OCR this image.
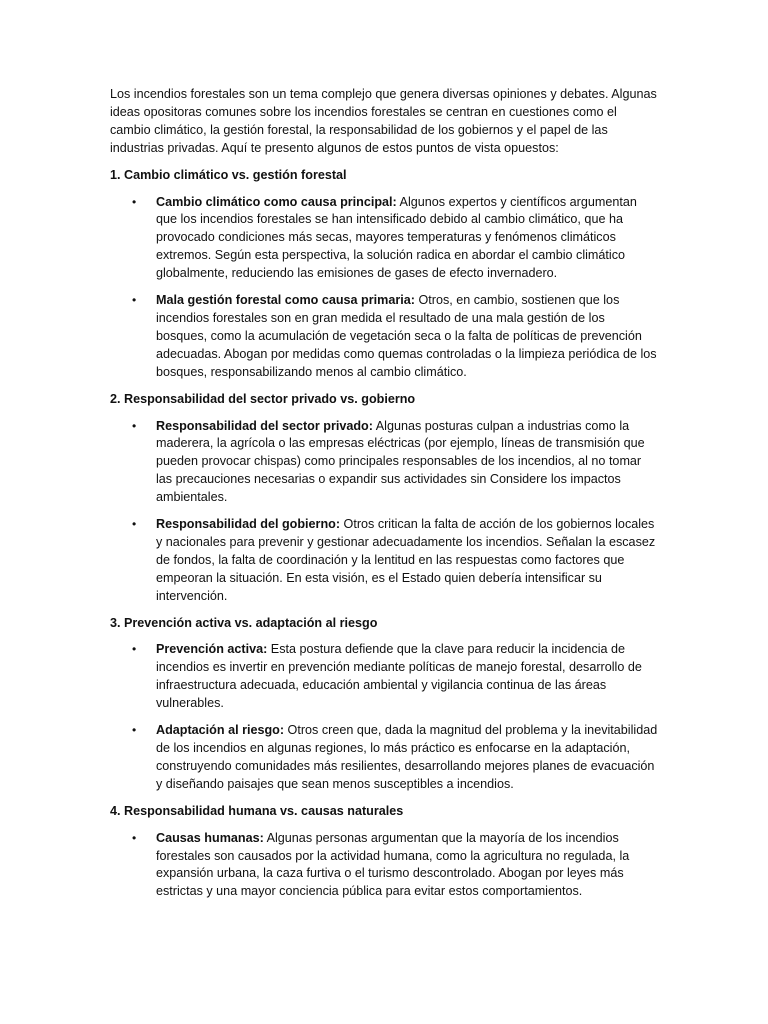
Los incendios forestales son un tema complejo que genera diversas opiniones y debates. Algunas ideas opositoras comunes sobre los incendios forestales se centran en cuestiones como el cambio climático, la gestión forestal, la responsabilidad de los gobiernos y el papel de las industrias privadas. Aquí te presento algunos de estos puntos de vista opuestos:

1. Cambio climático vs. gestión forestal

• Cambio climático como causa principal: Algunos expertos y científicos argumentan que los incendios forestales se han intensificado debido al cambio climático, que ha provocado condiciones más secas, mayores temperaturas y fenómenos climáticos extremos. Según esta perspectiva, la solución radica en abordar el cambio climático globalmente, reduciendo las emisiones de gases de efecto invernadero.
• Mala gestión forestal como causa primaria: Otros, en cambio, sostienen que los incendios forestales son en gran medida el resultado de una mala gestión de los bosques, como la acumulación de vegetación seca o la falta de políticas de prevención adecuadas. Abogan por medidas como quemas controladas o la limpieza periódica de los bosques, responsabilizando menos al cambio climático.

2. Responsabilidad del sector privado vs. gobierno

• Responsabilidad del sector privado: Algunas posturas culpan a industrias como la maderera, la agrícola o las empresas eléctricas (por ejemplo, líneas de transmisión que pueden provocar chispas) como principales responsables de los incendios, al no tomar las precauciones necesarias o expandir sus actividades sin Considere los impactos ambientales.
• Responsabilidad del gobierno: Otros critican la falta de acción de los gobiernos locales y nacionales para prevenir y gestionar adecuadamente los incendios. Señalan la escasez de fondos, la falta de coordinación y la lentitud en las respuestas como factores que empeoran la situación. En esta visión, es el Estado quien debería intensificar su intervención.

3. Prevención activa vs. adaptación al riesgo

• Prevención activa: Esta postura defiende que la clave para reducir la incidencia de incendios es invertir en prevención mediante políticas de manejo forestal, desarrollo de infraestructura adecuada, educación ambiental y vigilancia continua de las áreas vulnerables.
• Adaptación al riesgo: Otros creen que, dada la magnitud del problema y la inevitabilidad de los incendios en algunas regiones, lo más práctico es enfocarse en la adaptación, construyendo comunidades más resilientes, desarrollando mejores planes de evacuación y diseñando paisajes que sean menos susceptibles a incendios.

4. Responsabilidad humana vs. causas naturales

• Causas humanas: Algunas personas argumentan que la mayoría de los incendios forestales son causados por la actividad humana, como la agricultura no regulada, la expansión urbana, la caza furtiva o el turismo descontrolado. Abogan por leyes más estrictas y una mayor conciencia pública para evitar estos comportamientos.
